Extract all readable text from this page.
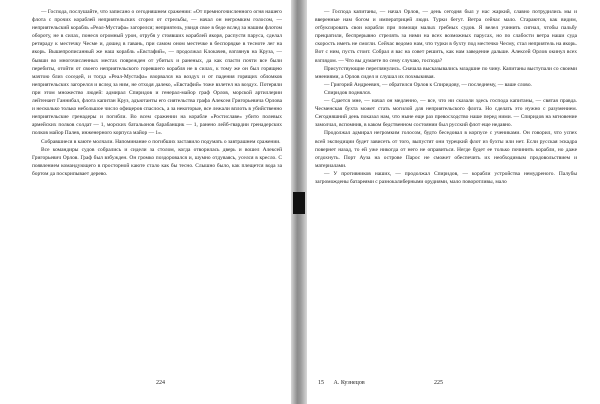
— Господа, послушайте, что записано о сегодняшнем сражении: «От премногочисленного огня нашего флота с прочих кораблей неприятельских сгорел от стрельбы, — начал он негромким голосом, — неприятельский корабль «Реал-Мустафа» загорелся; неприятель, увидя свое в беде вслед за нашим флотом обороту, не в силах, понеся огромный урон, отрубя у стоявших кораблей якоря, распустя паруса, сделал ретираду к местечку Чесме и, дошед в гавань, при самом оном местечке в беспорядке в тесноте лег на якорь. Вышепрописанный же наш корабль «Евстафий», — продолжал Клокачев, взглянув на Круза, — бывши во многочисленных местах поврежден от убитых и раненых, да как спасти почти все были перебиты, отойти от своего неприятельского горевшего корабля не в силах, к тому же он был горящею мачтою близ соседей, и тогда «Реал-Мустафа» взорвался на воздух и от падения горящих обломков неприятельских загорелся и вслед за ним, не отходя далеко, «Евстафий» тоже взлетел на воздух. Потеряли при этом множество людей: адмирал Спиридов и генерал-майор граф Орлов, морской артиллерии лейтенант Ганнибал, флота капитан Круз, адъютанты его сиятельства графа Алексея Григорьевича Орлова и несколько только небольшое число офицеров спаслось, а за некоторые, все лежали вплоть в убийственно неприятельские гренадеры и погибли. Во всем сражении на корабле «Ростиславе» убито полевых армейских полков солдат — 1, морских батальонов барабанщик — 1, ранено лейб-гвардии гренадерских полков майор Палев, инженерного корпуса майор — 1».

Собравшиеся в каюте молчали. Напоминание о погибших заставило подумать о завтрашнем сражении.

Все командиры судов собрались и сидели за столом, когда отворилась дверь и вошел Алексей Григорьевич Орлов. Граф был взбужден. Он громко поздоровался и, шумно отдуваясь, уселся в кресло. С появлением командующего в просторной каюте стало как бы тесно. Слышно было, как плещется вода за бортом да поскрипывает дерево.

— Господа капитаны, — начал Орлов, — день сегодня был у нас жаркий, славно потрудились мы и вверенные нам богом и императрицей люди. Турки бегут. Ветра сейчас мало. Стараются, как видим, отбуксировать свои корабли при помощи малых гребных судов. Я велел учинить сигнал, чтобы пальбу прекратили, беспрерывно стрелять за ними на всех возможных парусах, но по слабости ветра наши суда скорость иметь не смогли. Сейчас ведомо нам, что турки в бухту под местечко Чесму, стал неприятель на якорь. Вот с ним, пусть стоит. Собрал я вас на совет решить, как нам заведение дальше. Алексей Орлов окинул всех взглядом. — Что вы думаете по сему случаю, господа?

Присутствующие переглянулись. Сначала высказывались младшие по чину. Капитаны выступали со своими мнениями, а Орлов сидел и слушал их похмыкивая.

— Григорий Андреевич, — обратился Орлов к Спиридову, — последнему, — ваше слово.

Спиридов поднялся.

— Сдается мне, — начал он медленно, — все, что ни сказали здесь господа капитаны, — святая правда. Чесменская бухта может стать могилой для неприятельского флота. Но сделать это нужно с разумением. Сегодняшний день показал нам, что ныне еще раз превосходство наше перед ними. — Спиридов на мгновение замолчал, вспомнив, в каком бедственном состоянии был русский флот еще недавно.

Продолжал адмирал негромким голосом, будто беседовал в корпусе с учениками. Он говорил, что успех всей экспедиции будет зависеть от того, выпустят они турецкий флот из бухты или нет. Если русская эскадра повернет назад, то ей уже никогда от него не оправиться. Негде будет ее только починить корабли, но даже отдохнуть. Порт Ауза на острове Парос не сможет обеспечить их необходимым продовольствием и материалами.

— У противников наших, — продолжал Спиридов, — корабли устройства немудреного. Палубы загромождены батареями с разнокалиберными орудиями, мало поворотливы, мало

224	15 А. Кузнецов	225
